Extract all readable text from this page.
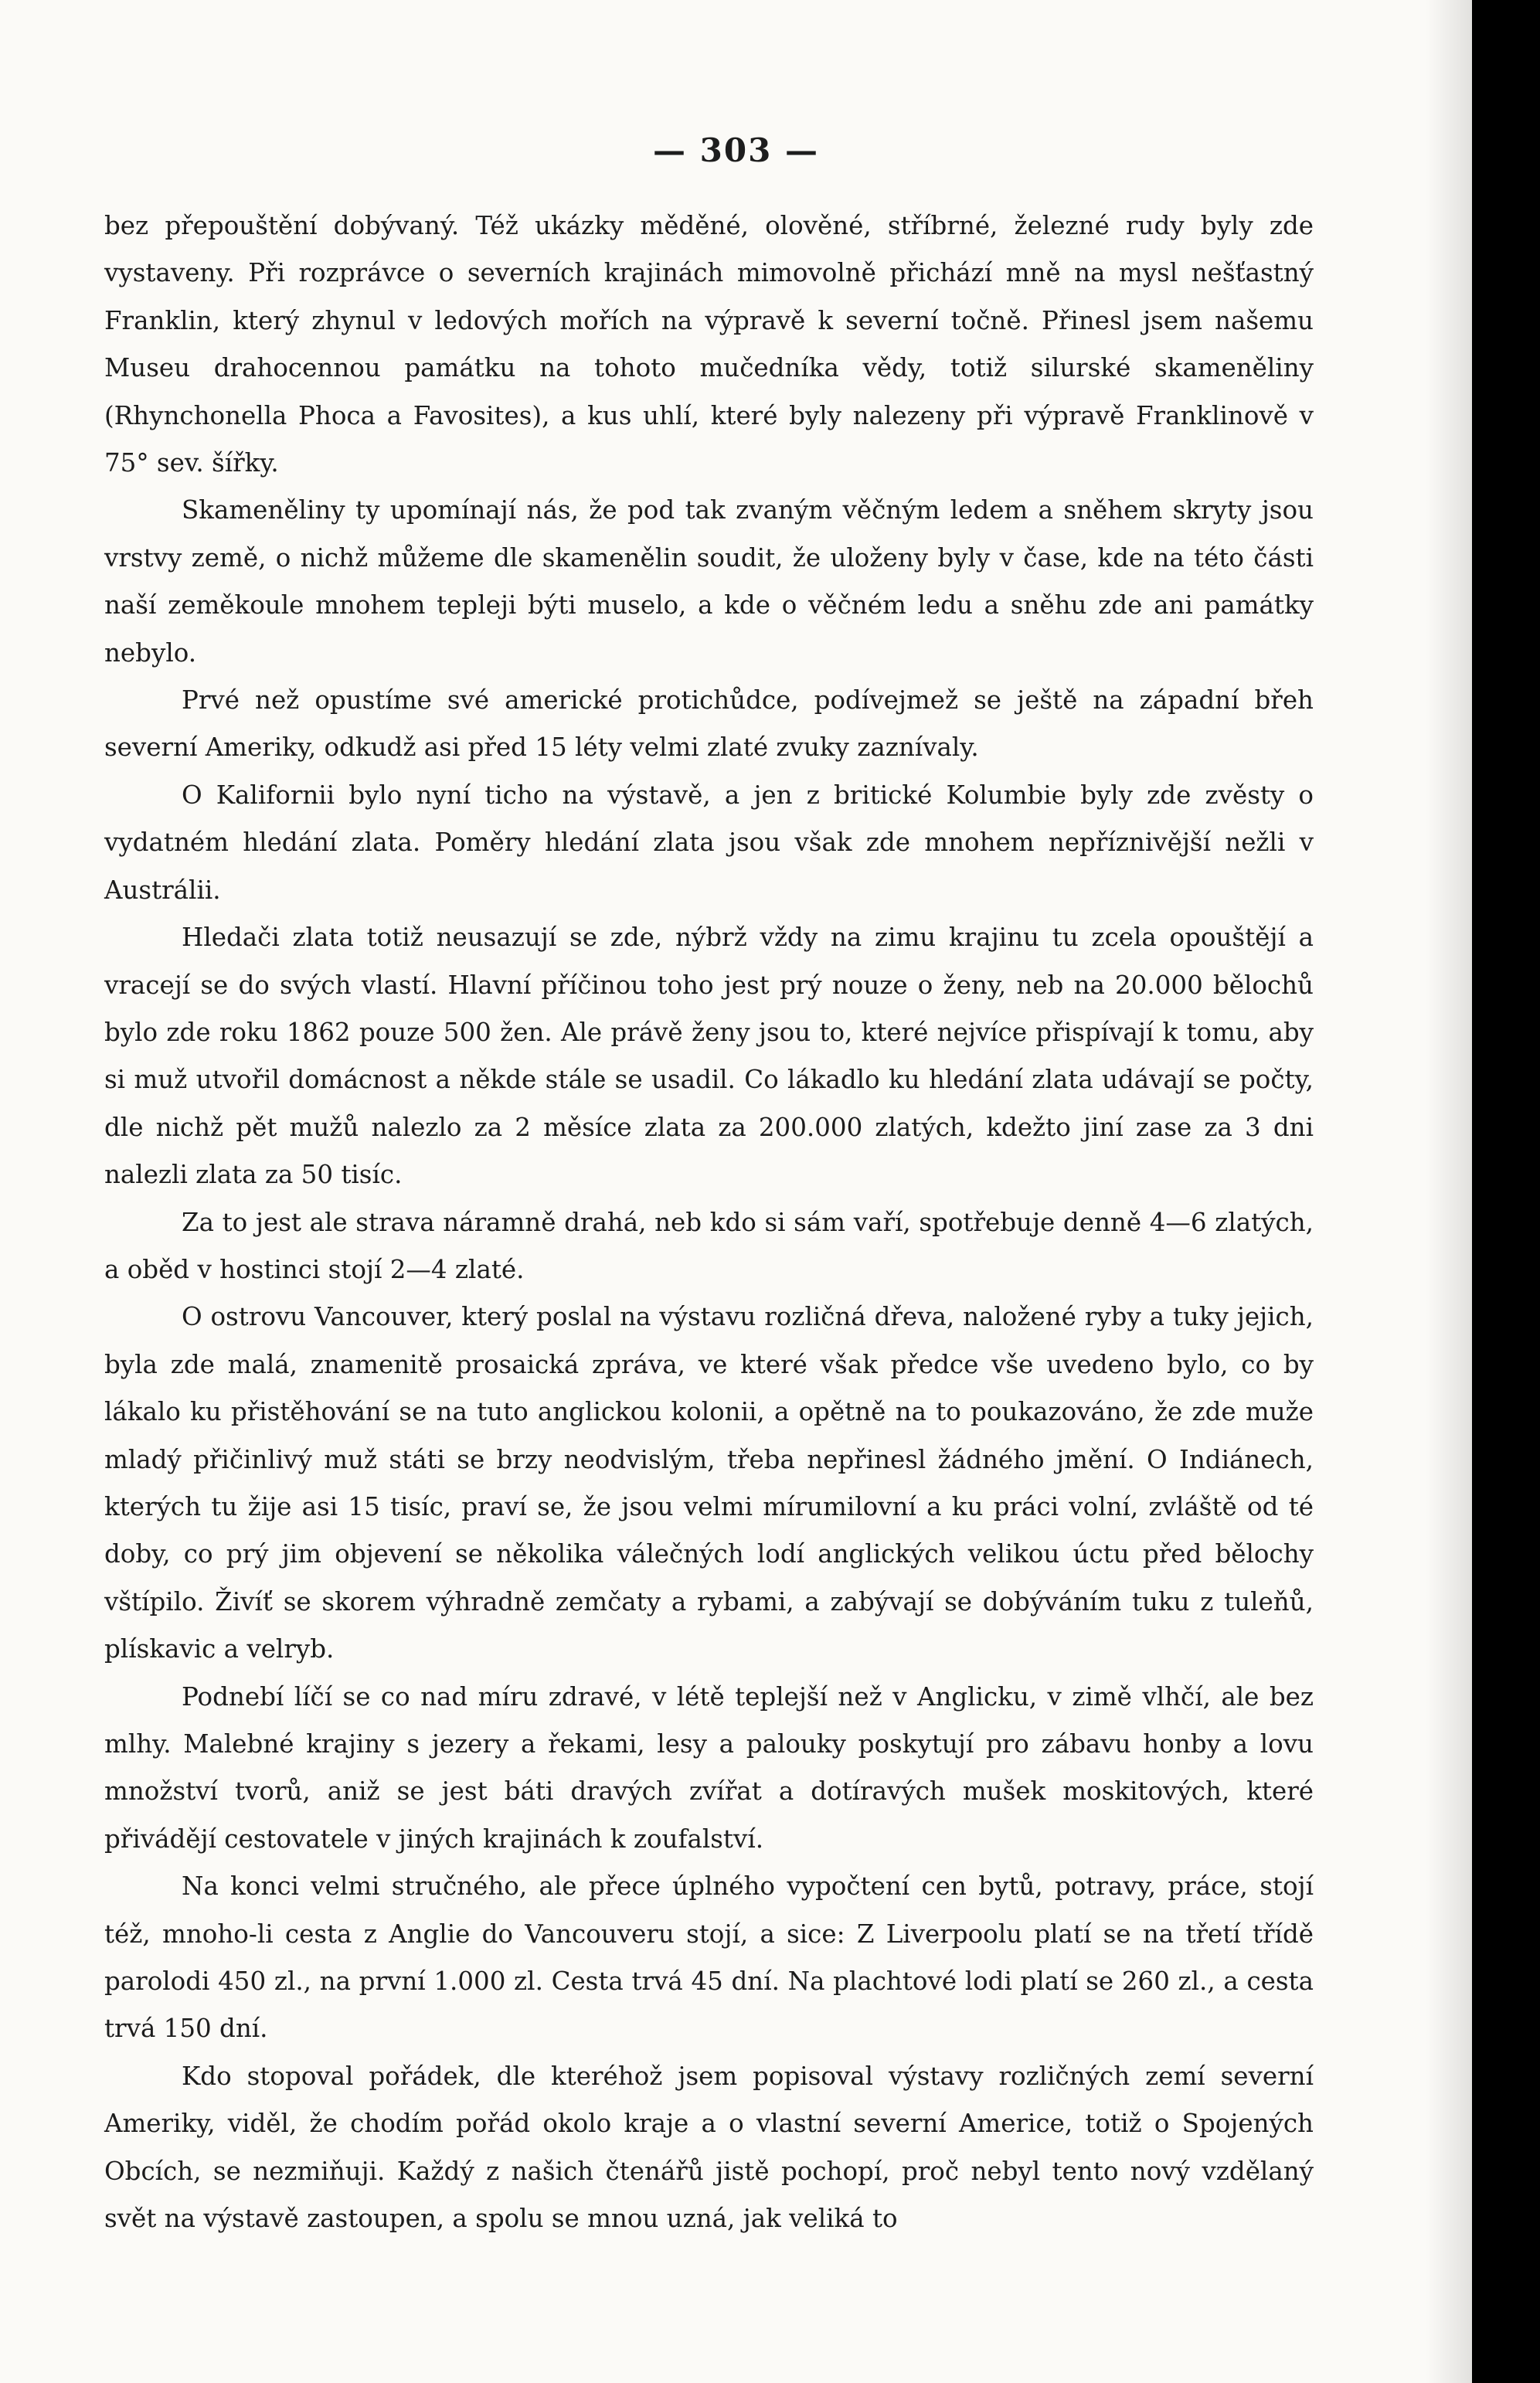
— 303 —

bez přepouštění dobývaný. Též ukázky měděné, olověné, stříbrné, železné rudy byly zde vystaveny. Při rozprávce o severních krajinách mimovolně přichází mně na mysl nešťastný Franklin, který zhynul v ledových mořích na výpravě k severní točně. Přinesl jsem našemu Museu drahocennou památku na tohoto mučedníka vědy, totiž silurské skameněliny (Rhynchonella Phoca a Favosites), a kus uhlí, které byly nalezeny při výpravě Franklinově v 75° sev. šířky.

Skameněliny ty upomínají nás, že pod tak zvaným věčným ledem a sněhem skryty jsou vrstvy země, o nichž můžeme dle skamenělin soudit, že uloženy byly v čase, kde na této části naší zeměkoule mnohem tepleji býti muselo, a kde o věčném ledu a sněhu zde ani památky nebylo.

Prvé než opustíme své americké protichůdce, podívejmež se ještě na západní břeh severní Ameriky, odkudž asi před 15 léty velmi zlaté zvuky zaznívaly.

O Kalifornii bylo nyní ticho na výstavě, a jen z britické Kolumbie byly zde zvěsty o vydatném hledání zlata. Poměry hledání zlata jsou však zde mnohem nepříznivější nežli v Austrálii.

Hledači zlata totiž neusazují se zde, nýbrž vždy na zimu krajinu tu zcela opouštějí a vracejí se do svých vlastí. Hlavní příčinou toho jest prý nouze o ženy, neb na 20.000 bělochů bylo zde roku 1862 pouze 500 žen. Ale právě ženy jsou to, které nejvíce přispívají k tomu, aby si muž utvořil domácnost a někde stále se usadil. Co lákadlo ku hledání zlata udávají se počty, dle nichž pět mužů nalezlo za 2 měsíce zlata za 200.000 zlatých, kdežto jiní zase za 3 dni nalezli zlata za 50 tisíc.

Za to jest ale strava náramně drahá, neb kdo si sám vaří, spotřebuje denně 4—6 zlatých, a oběd v hostinci stojí 2—4 zlaté.

O ostrovu Vancouver, který poslal na výstavu rozličná dřeva, naložené ryby a tuky jejich, byla zde malá, znamenitě prosaická zpráva, ve které však předce vše uvedeno bylo, co by lákalo ku přistěhování se na tuto anglickou kolonii, a opětně na to poukazováno, že zde muže mladý přičinlivý muž státi se brzy neodvislým, třeba nepřinesl žádného jmění. O Indiánech, kterých tu žije asi 15 tisíc, praví se, že jsou velmi mírumilovní a ku práci volní, zvláště od té doby, co prý jim objevení se několika válečných lodí anglických velikou úctu před bělochy vštípilo. Živíť se skorem výhradně zemčaty a rybami, a zabývají se dobýváním tuku z tuleňů, plískavic a velryb.

Podnebí líčí se co nad míru zdravé, v létě teplejší než v Anglicku, v zimě vlhčí, ale bez mlhy. Malebné krajiny s jezery a řekami, lesy a palouky poskytují pro zábavu honby a lovu množství tvorů, aniž se jest báti dravých zvířat a dotíravých mušek moskitových, které přivádějí cestovatele v jiných krajinách k zoufalství.

Na konci velmi stručného, ale přece úplného vypočtení cen bytů, potravy, práce, stojí též, mnoho-li cesta z Anglie do Vancouveru stojí, a sice: Z Liverpoolu platí se na třetí třídě parolodi 450 zl., na první 1.000 zl. Cesta trvá 45 dní. Na plachtové lodi platí se 260 zl., a cesta trvá 150 dní.

Kdo stopoval pořádek, dle kteréhož jsem popisoval výstavy rozličných zemí severní Ameriky, viděl, že chodím pořád okolo kraje a o vlastní severní Americe, totiž o Spojených Obcích, se nezmiňuji. Každý z našich čtenářů jistě pochopí, proč nebyl tento nový vzdělaný svět na výstavě zastoupen, a spolu se mnou uzná, jak veliká to
